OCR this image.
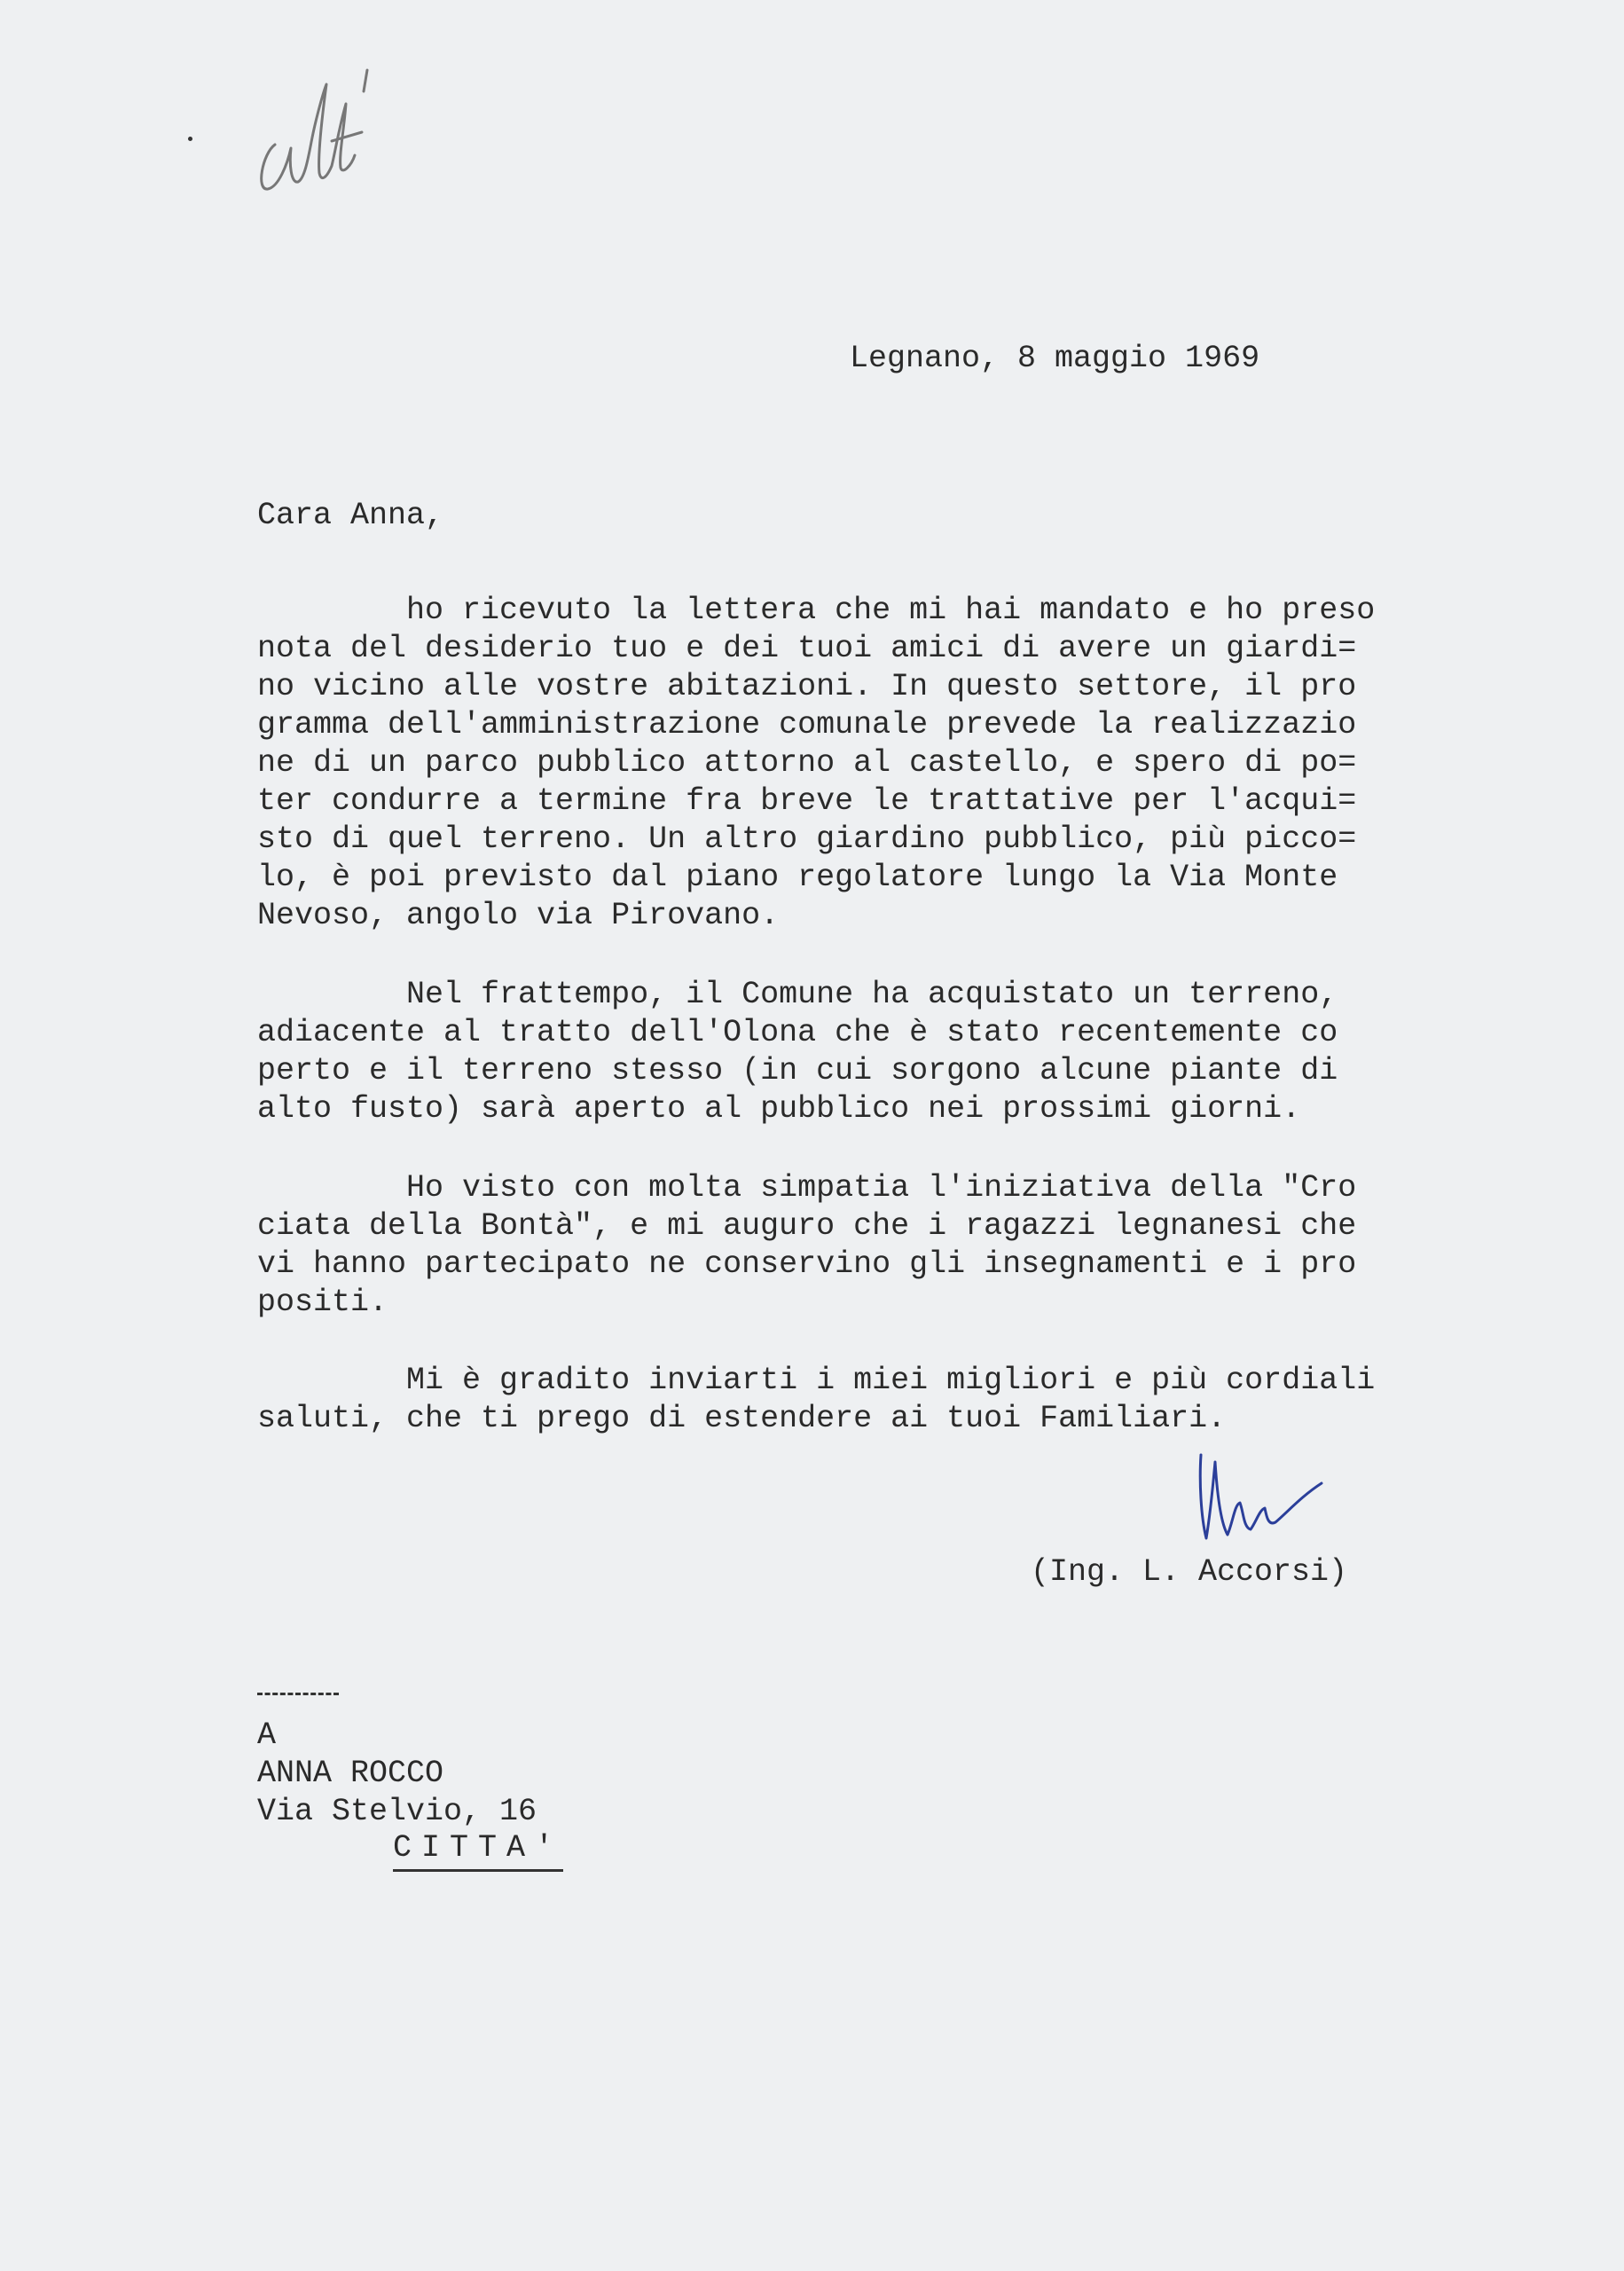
Legnano, 8 maggio 1969
Cara Anna,
ho ricevuto la lettera che mi hai mandato e ho preso
nota del desiderio tuo e dei tuoi amici di avere un giardi=
no vicino alle vostre abitazioni. In questo settore, il pro
gramma dell'amministrazione comunale prevede la realizzazio
ne di un parco pubblico attorno al castello, e spero di po=
ter condurre a termine fra breve le trattative per l'acqui=
sto di quel terreno. Un altro giardino pubblico, più picco=
lo, è poi previsto dal piano regolatore lungo la Via Monte
Nevoso, angolo via Pirovano.
Nel frattempo, il Comune ha acquistato un terreno,
adiacente al tratto dell'Olona che è stato recentemente co
perto e il terreno stesso (in cui sorgono alcune piante di
alto fusto) sarà aperto al pubblico nei prossimi giorni.
Ho visto con molta simpatia l'iniziativa della "Cro
ciata della Bontà", e mi auguro che i ragazzi legnanesi che
vi hanno partecipato ne conservino gli insegnamenti e i pro
positi.
Mi è gradito inviarti i miei migliori e più cordiali
saluti, che ti prego di estendere ai tuoi Familiari.
(Ing. L. Accorsi)
A
ANNA ROCCO
Via Stelvio, 16
CITTA'
